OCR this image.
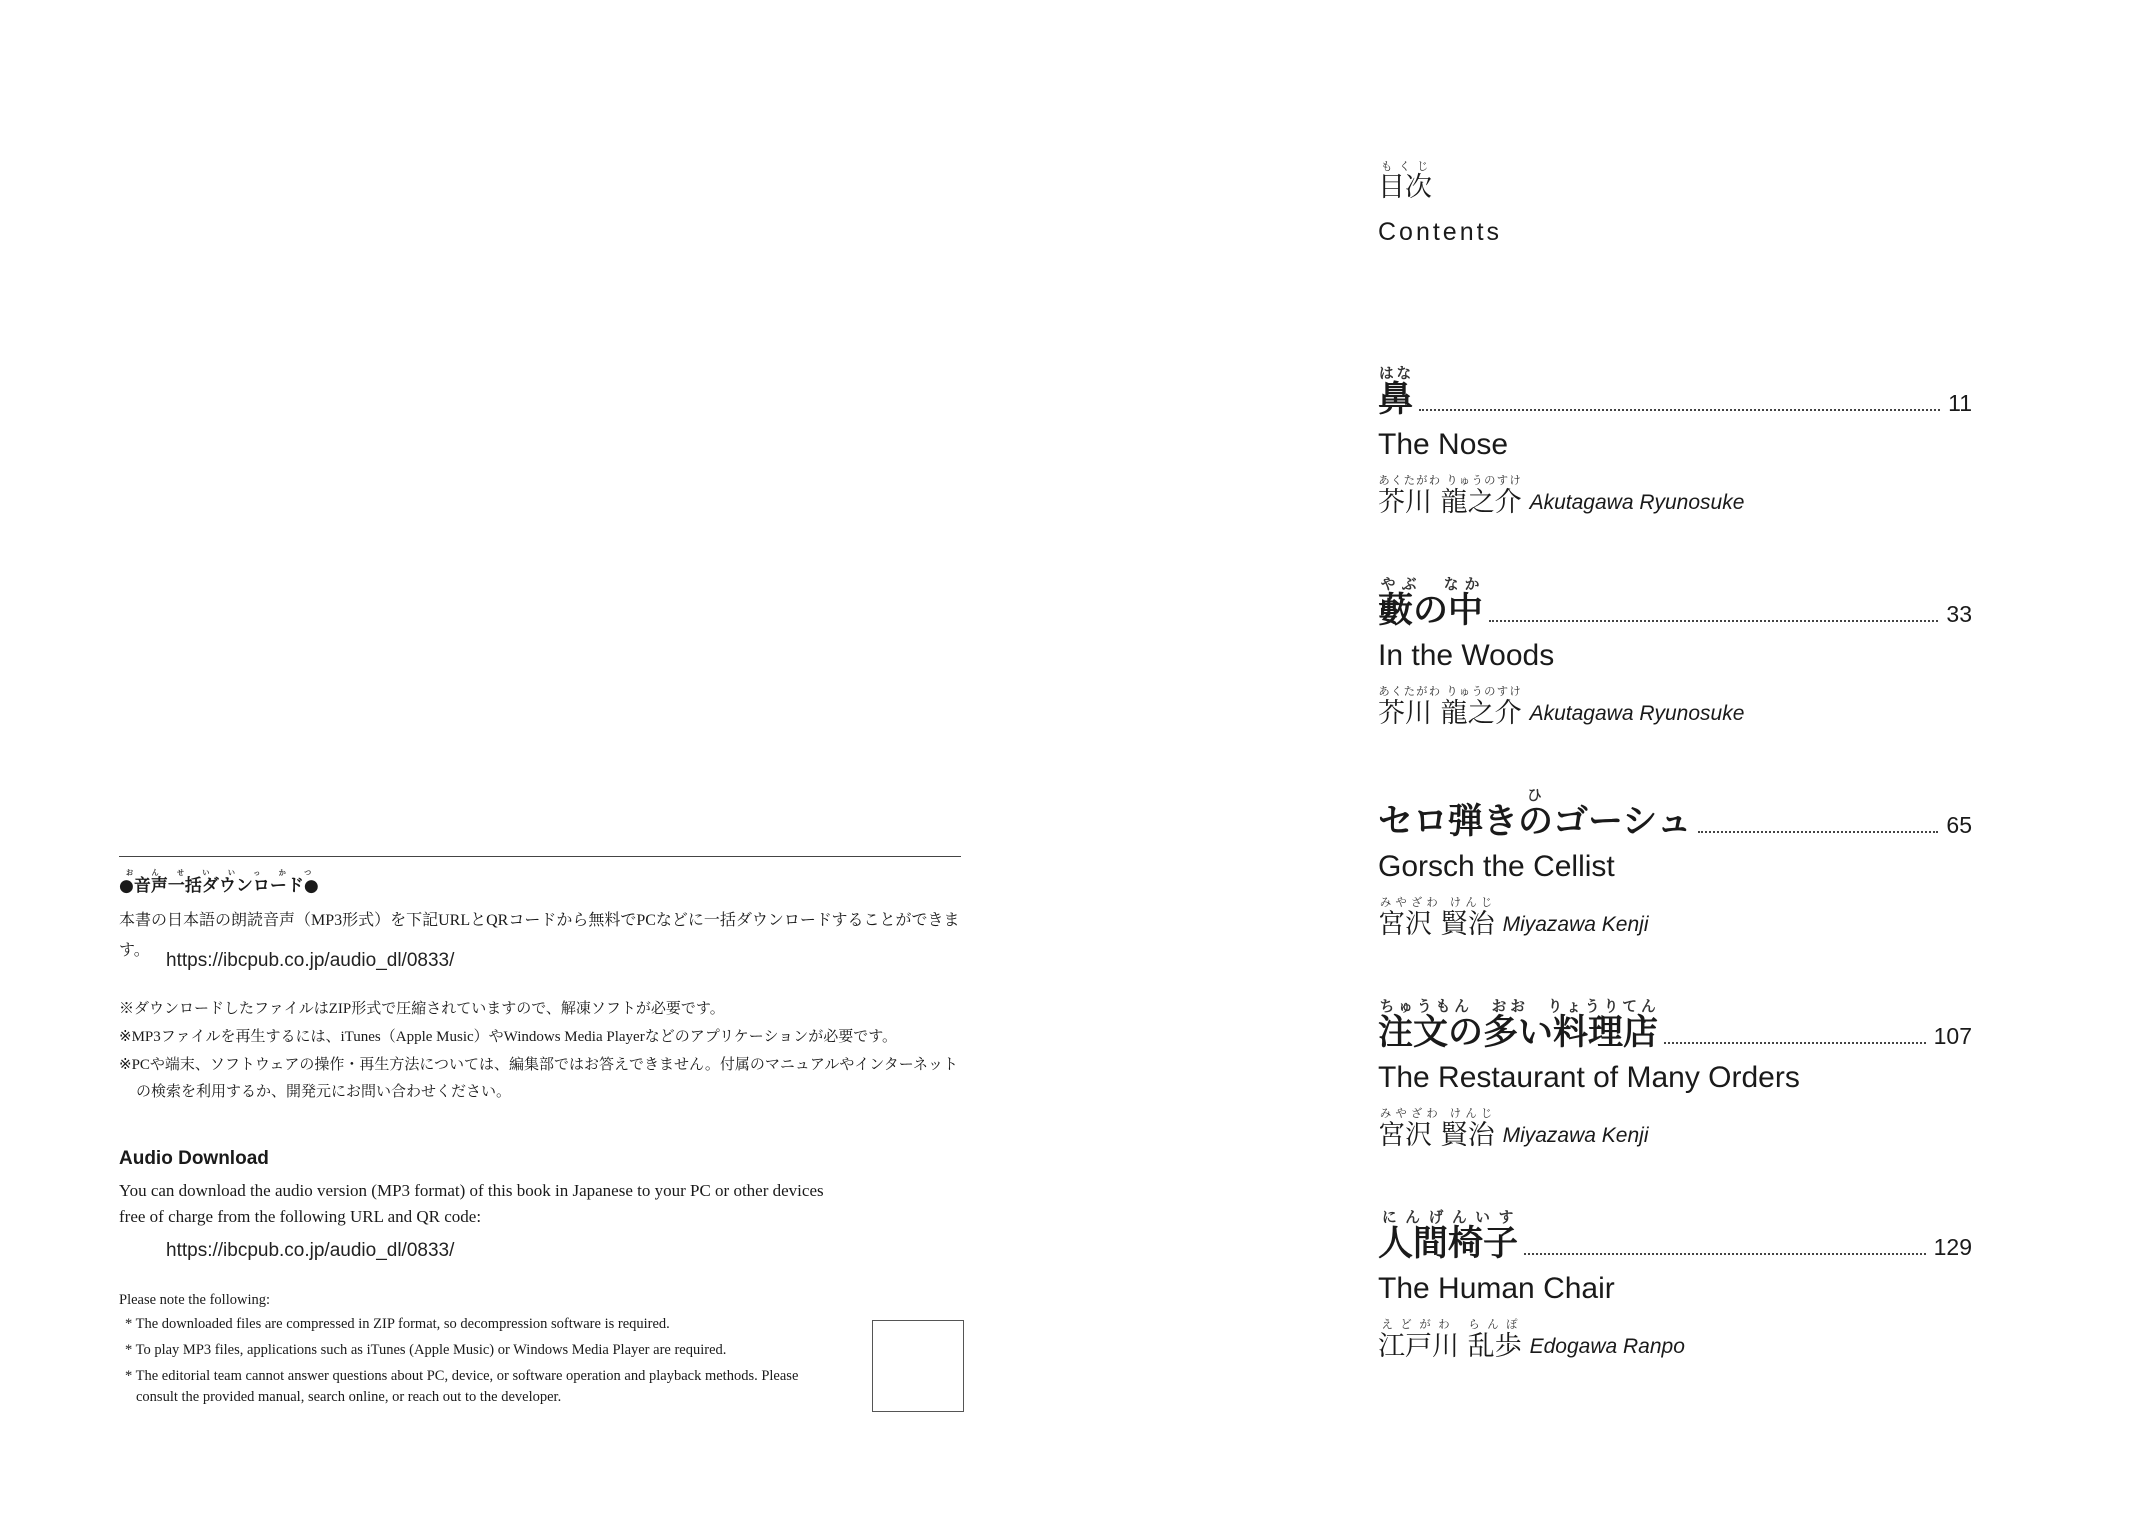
●音声一括ダウンロード●おんせいいっかつ
本書の日本語の朗読音声（MP3形式）を下記URLとQRコードから無料でPCなどに一括ダウンロードすることができます。 https://ibcpub.co.jp/audio_dl/0833/

※ダウンロードしたファイルはZIP形式で圧縮されていますので、解凍ソフトが必要です。

※MP3ファイルを再生するには、iTunes（Apple Music）やWindows Media Playerなどのアプリケーションが必要です。

※PCや端末、ソフトウェアの操作・再生方法については、編集部ではお答えできません。付属のマニュアルやインターネットの検索を利用するか、開発元にお問い合わせください。

Audio Download
You can download the audio version (MP3 format) of this book in Japanese to your PC or other devices free of charge from the following URL and QR code:
https://ibcpub.co.jp/audio_dl/0833/
Please note the following:

* The downloaded files are compressed in ZIP format, so decompression software is required.

* To play MP3 files, applications such as iTunes (Apple Music) or Windows Media Player are required.

* The editorial team cannot answer questions about PC, device, or software operation and playback methods. Please consult the provided manual, search online, or reach out to the developer.

目次もくじ
Contents
鼻はな
11
The Nose
芥川 龍之介あくたがわ りゅうのすけ
Akutagawa Ryunosuke
藪の中やぶ　なか
33
In the Woods
芥川 龍之介あくたがわ りゅうのすけ
Akutagawa Ryunosuke
セロ弾きのゴーシュひ
65
Gorsch the Cellist
宮沢 賢治みやざわ けんじ
Miyazawa Kenji
注文の多い料理店ちゅうもん　おお　りょうりてん
107
The Restaurant of Many Orders
宮沢 賢治みやざわ けんじ
Miyazawa Kenji
人間椅子にんげんいす
129
The Human Chair
江戸川 乱歩えどがわ らんぽ
Edogawa Ranpo
